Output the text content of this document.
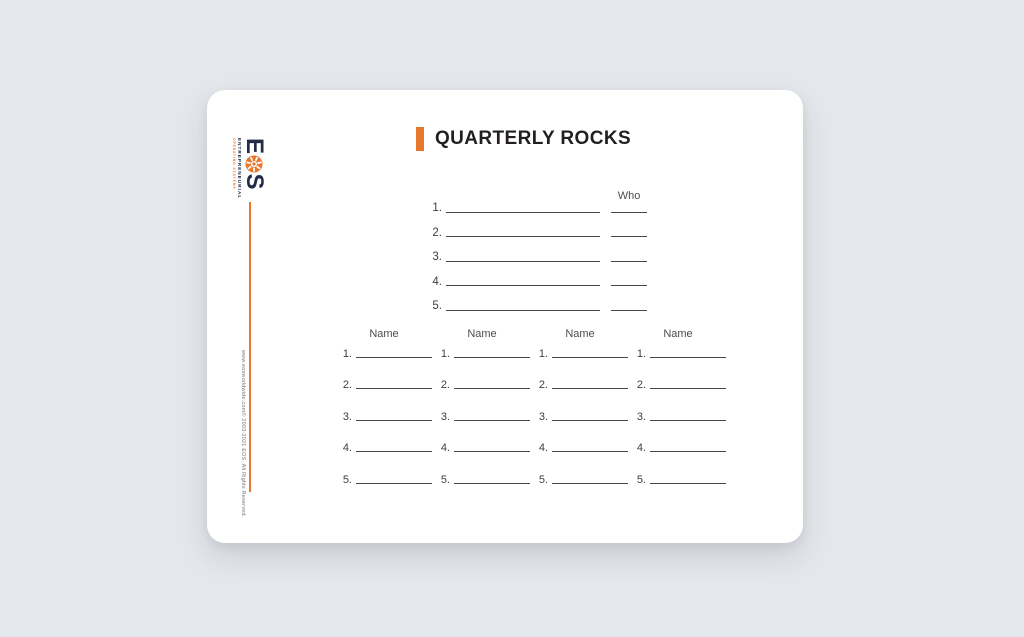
QUARTERLY ROCKS
E
S
ENTREPRENEURIAL
OPERATING SYSTEM®
www.eosworldwide.com
© 2003-2021 EOS. All Rights Reserved.
Who
1.
2.
3.
4.
5.
Name
1.
2.
3.
4.
5.
Name
1.
2.
3.
4.
5.
Name
1.
2.
3.
4.
5.
Name
1.
2.
3.
4.
5.
